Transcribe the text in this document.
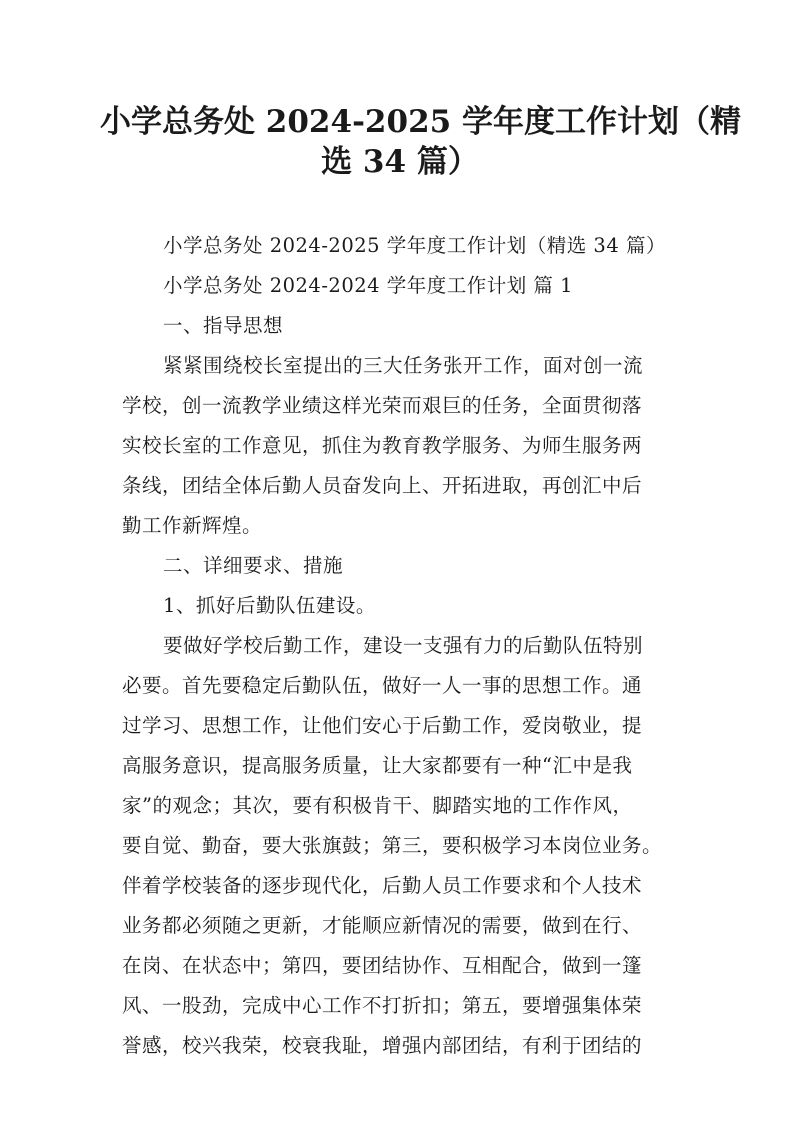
小学总务处 2024-2025 学年度工作计划（精
选 34 篇）

小学总务处 2024-2025 学年度工作计划（精选 34 篇）

小学总务处 2024-2024 学年度工作计划 篇 1

一、指导思想

紧紧围绕校长室提出的三大任务张开工作，面对创一流

学校，创一流教学业绩这样光荣而艰巨的任务，全面贯彻落

实校长室的工作意见，抓住为教育教学服务、为师生服务两

条线，团结全体后勤人员奋发向上、开拓进取，再创汇中后

勤工作新辉煌。

二、详细要求、措施

1、抓好后勤队伍建设。

要做好学校后勤工作，建设一支强有力的后勤队伍特别

必要。首先要稳定后勤队伍，做好一人一事的思想工作。通

过学习、思想工作，让他们安心于后勤工作，爱岗敬业，提

高服务意识，提高服务质量，让大家都要有一种“汇中是我

家”的观念；其次，要有积极肯干、脚踏实地的工作作风，

要自觉、勤奋，要大张旗鼓；第三，要积极学习本岗位业务。

伴着学校装备的逐步现代化，后勤人员工作要求和个人技术

业务都必须随之更新，才能顺应新情况的需要，做到在行、

在岗、在状态中；第四，要团结协作、互相配合，做到一篷

风、一股劲，完成中心工作不打折扣；第五，要增强集体荣

誉感，校兴我荣，校衰我耻，增强内部团结，有利于团结的
